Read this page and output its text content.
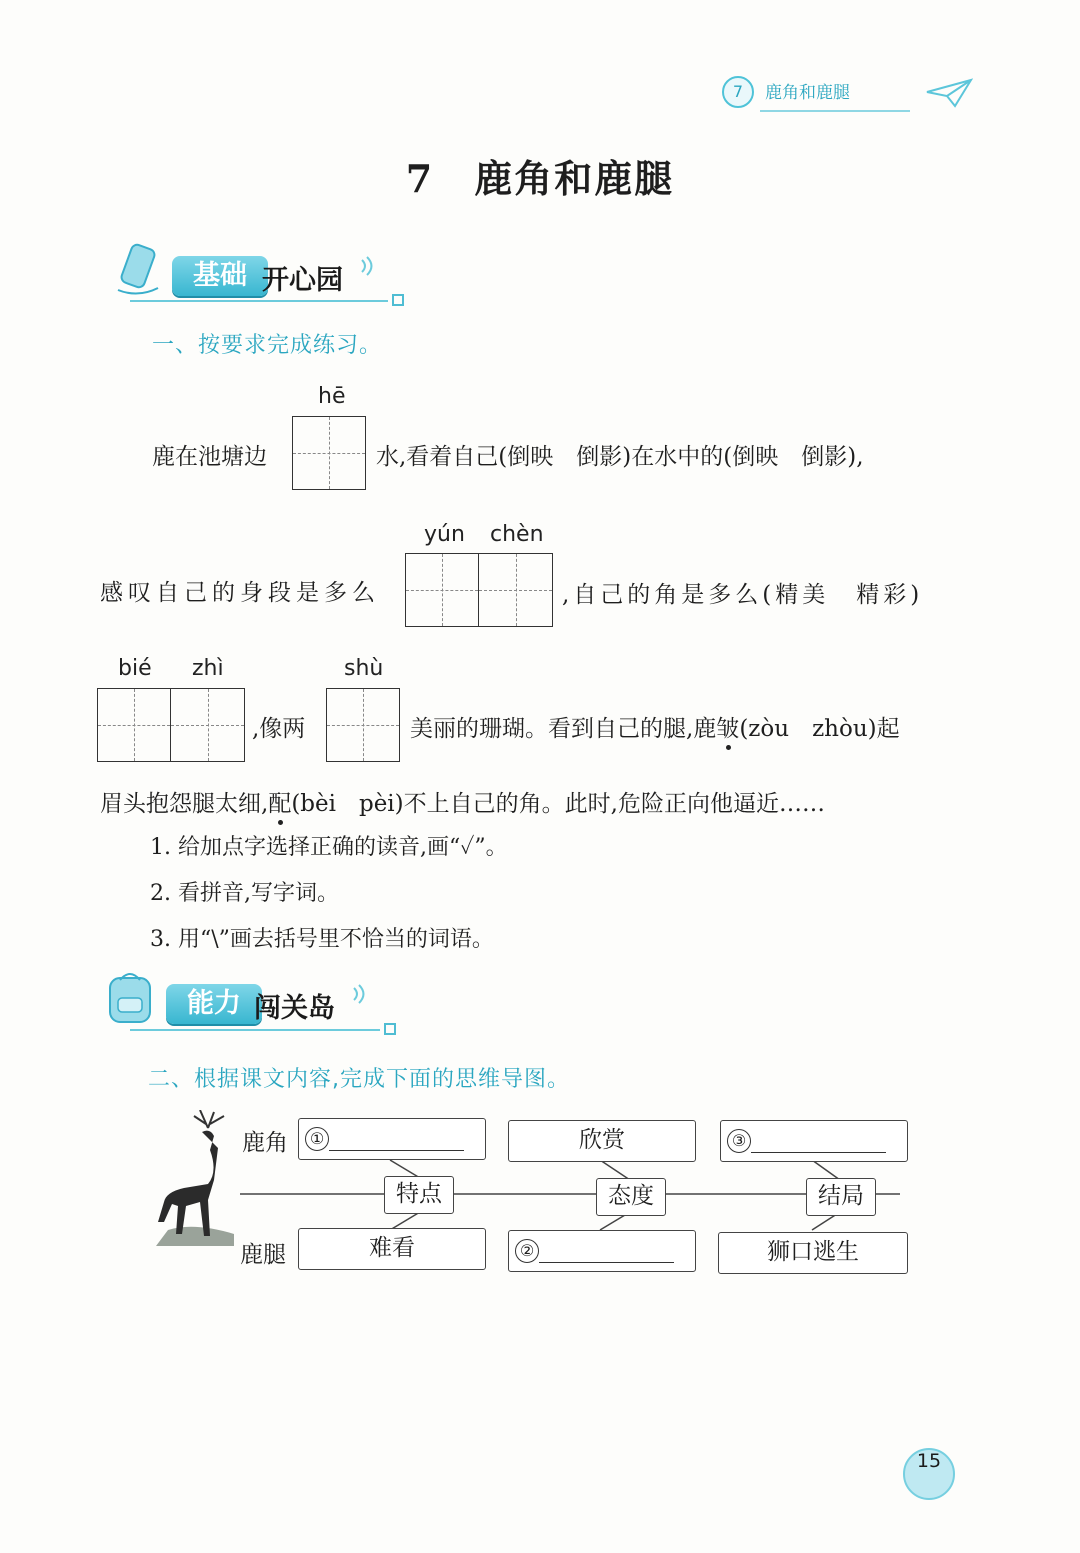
7	鹿角和鹿腿
7 鹿角和鹿腿
基础 开心园
一、按要求完成练习。
hē
鹿在池塘边	水,看着自己(倒映　倒影)在水中的(倒映　倒影),
yún chèn
感叹自己的身段是多么	,自己的角是多么(精美　精彩)
bié zhì	shù
,像两	美丽的珊瑚。看到自己的腿,鹿皱(zòu　zhòu)起
眉头抱怨腿太细,配(bèi　pèi)不上自己的角。此时,危险正向他逼近……
1. 给加点字选择正确的读音,画“✓”。
2. 看拼音,写字词。
3. 用“\”画去括号里不恰当的词语。
能力 闯关岛
二、根据课文内容,完成下面的思维导图。
鹿角
鹿腿
①	欣赏	③
特点	态度	结局
难看	②	狮口逃生
15
